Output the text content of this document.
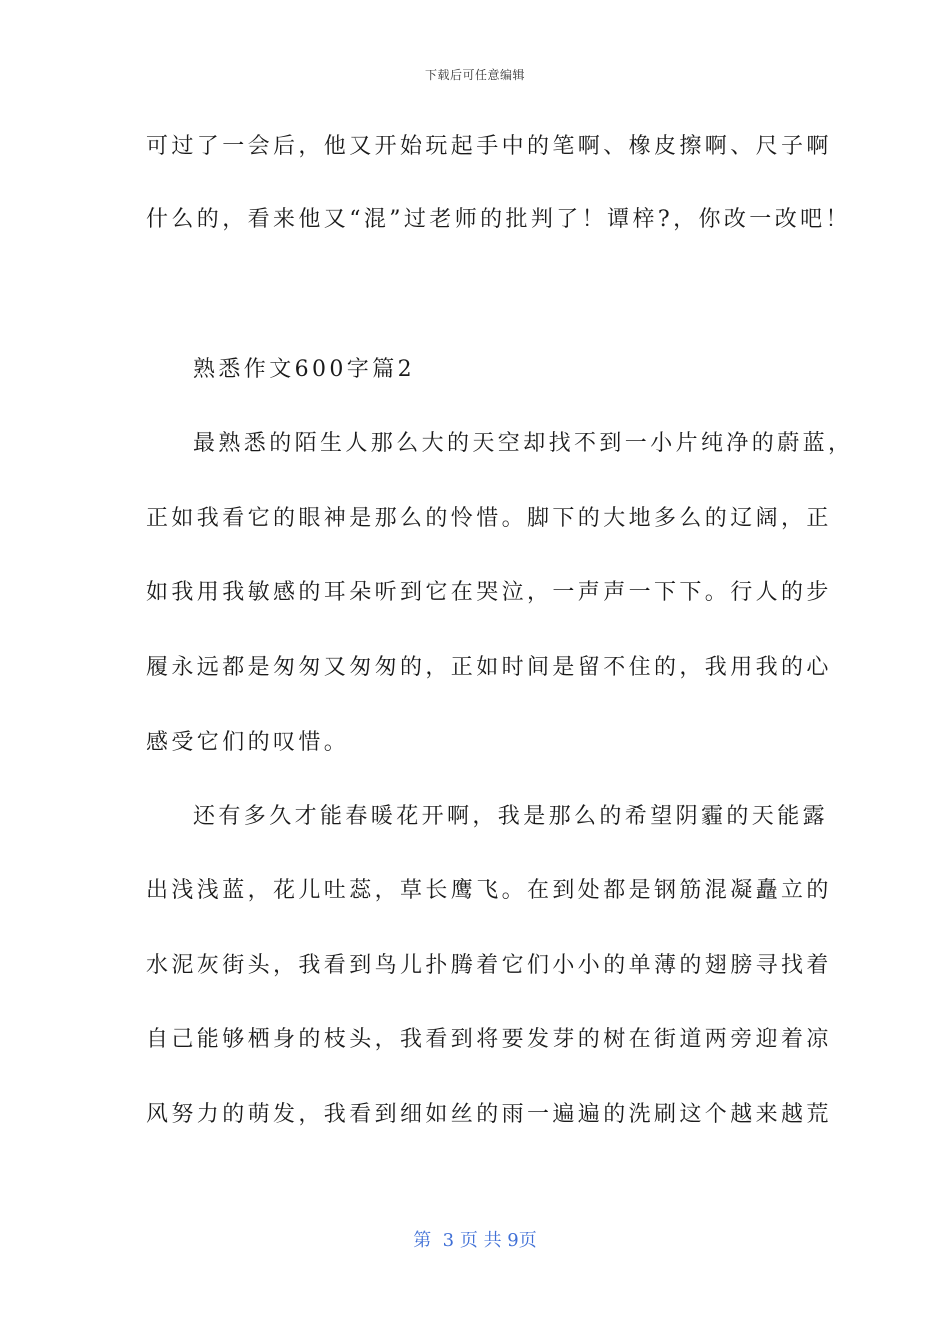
下载后可任意编辑
可过了一会后，他又开始玩起手中的笔啊、橡皮擦啊、尺子啊
什么的，看来他又“混”过老师的批判了！谭梓?，你改一改吧！
熟悉作文600字篇2
最熟悉的陌生人那么大的天空却找不到一小片纯净的蔚蓝，
正如我看它的眼神是那么的怜惜。脚下的大地多么的辽阔，正
如我用我敏感的耳朵听到它在哭泣，一声声一下下。行人的步
履永远都是匆匆又匆匆的，正如时间是留不住的，我用我的心
感受它们的叹惜。
还有多久才能春暖花开啊，我是那么的希望阴霾的天能露
出浅浅蓝，花儿吐蕊，草长鹰飞。在到处都是钢筋混凝矗立的
水泥灰街头，我看到鸟儿扑腾着它们小小的单薄的翅膀寻找着
自己能够栖身的枝头，我看到将要发芽的树在街道两旁迎着凉
风努力的萌发，我看到细如丝的雨一遍遍的洗刷这个越来越荒
第  3 页 共 9页
